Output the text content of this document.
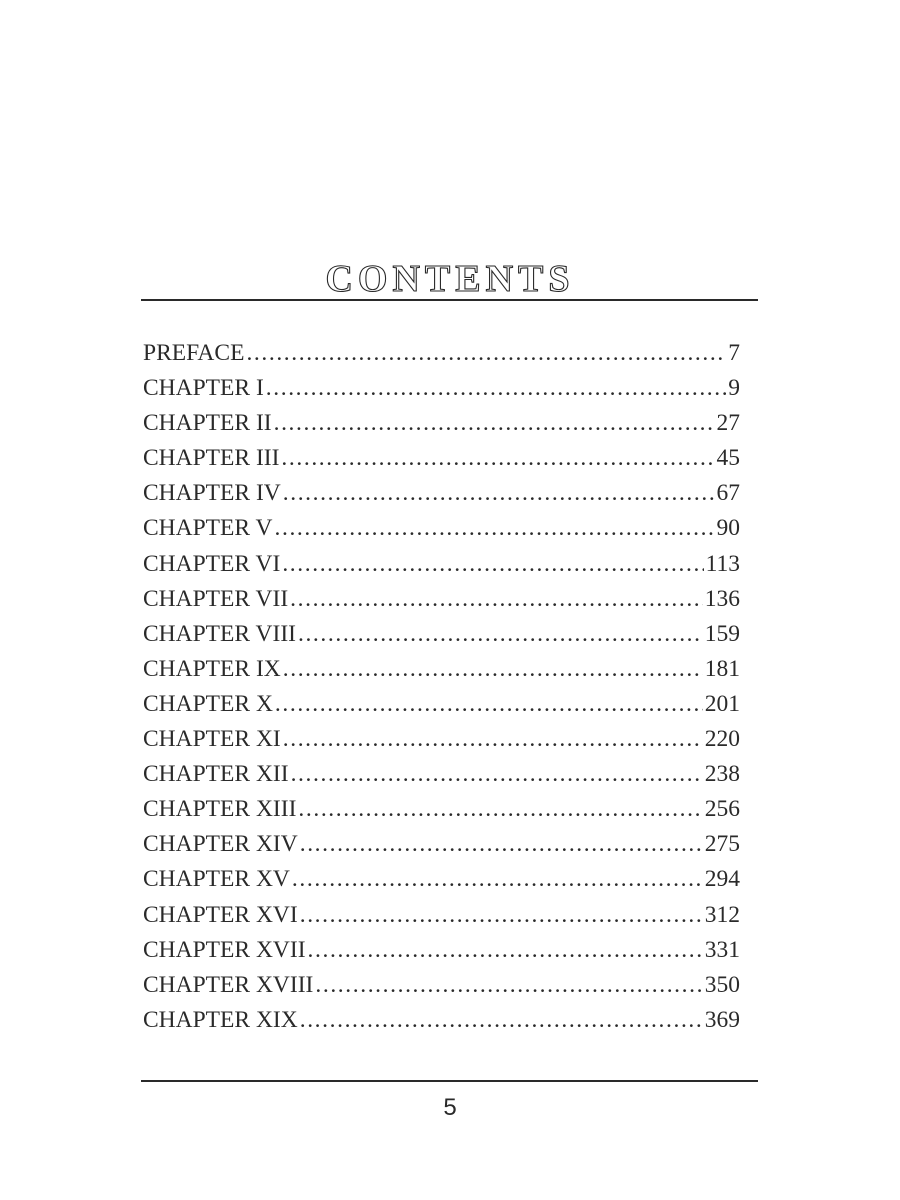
CONTENTS
PREFACE .....	7
CHAPTER I .....	9
CHAPTER II .....	27
CHAPTER III .....	45
CHAPTER IV .....	67
CHAPTER V .....	90
CHAPTER VI .....	113
CHAPTER VII .....	136
CHAPTER VIII .....	159
CHAPTER IX .....	181
CHAPTER X .....	201
CHAPTER XI .....	220
CHAPTER XII .....	238
CHAPTER XIII .....	256
CHAPTER XIV .....	275
CHAPTER XV .....	294
CHAPTER XVI .....	312
CHAPTER XVII .....	331
CHAPTER XVIII .....	350
CHAPTER XIX .....	369
5
